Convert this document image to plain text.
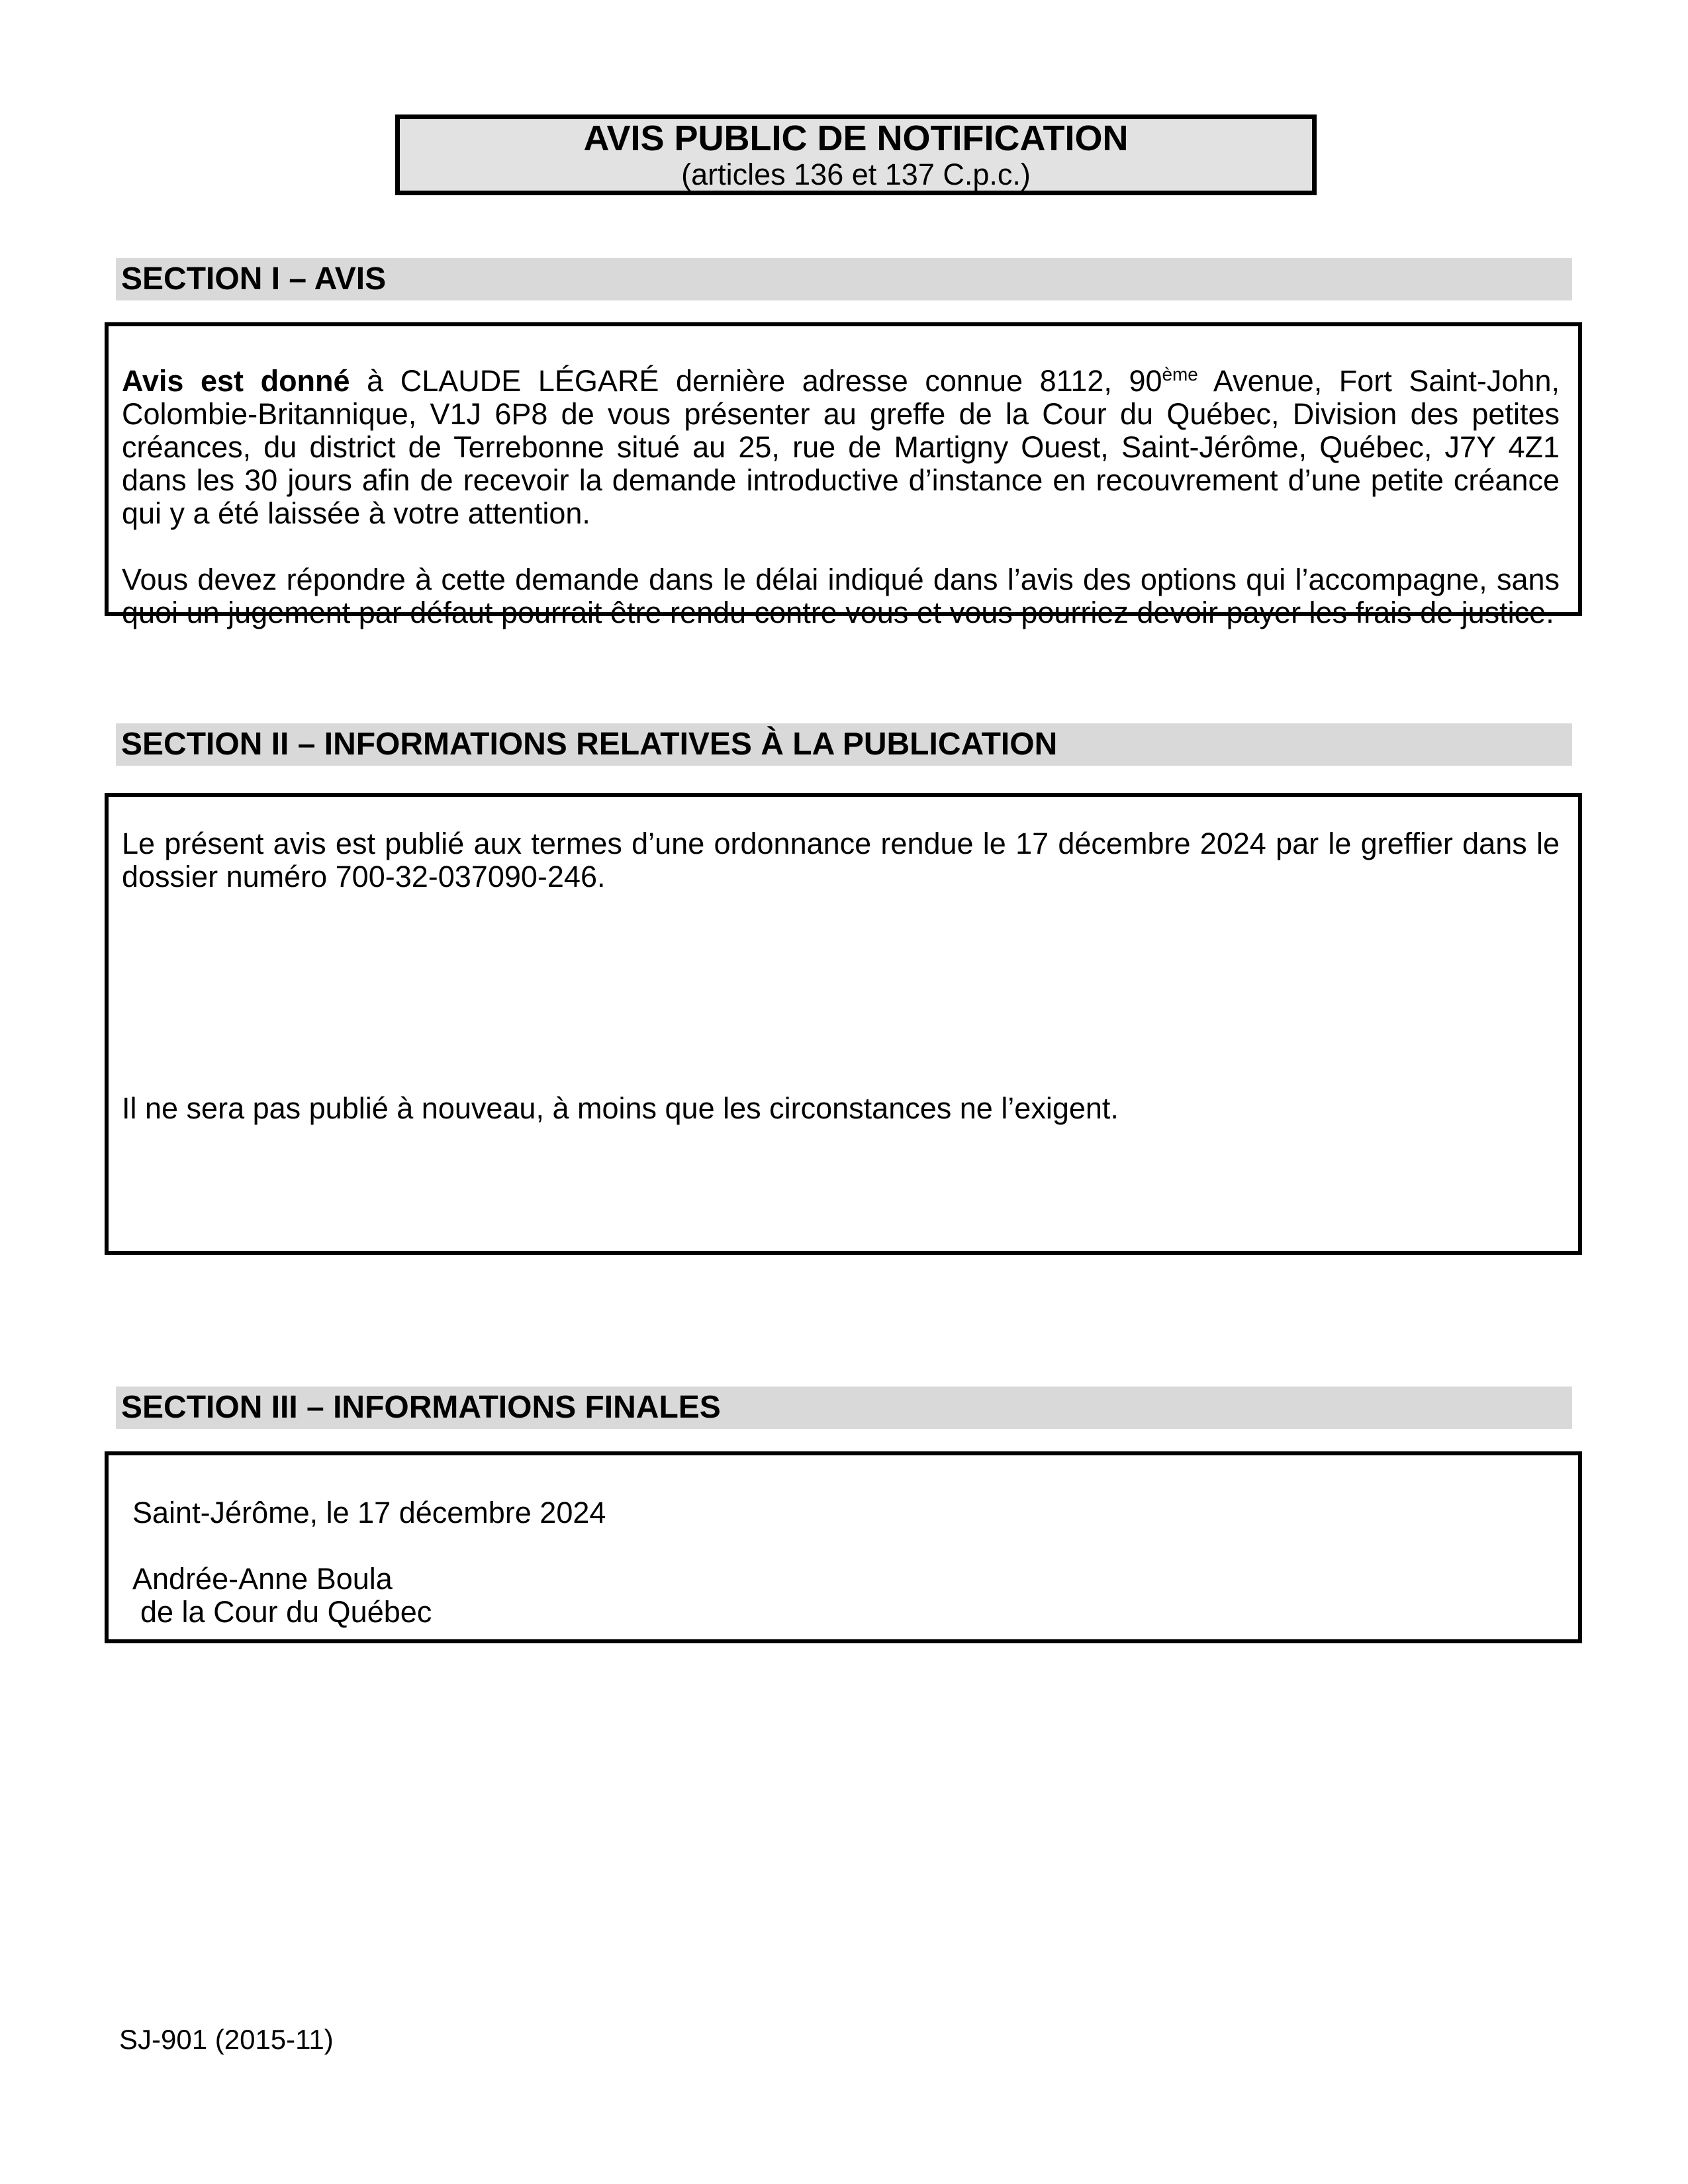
AVIS PUBLIC DE NOTIFICATION
(articles 136 et 137 C.p.c.)
SECTION I – AVIS

Avis est donné à CLAUDE LÉGARÉ dernière adresse connue 8112, 90ème Avenue, Fort Saint-John, Colombie-Britannique, V1J 6P8 de vous présenter au greffe de la Cour du Québec, Division des petites créances, du district de Terrebonne situé au 25, rue de Martigny Ouest, Saint-Jérôme, Québec, J7Y 4Z1 dans les 30 jours afin de recevoir la demande introductive d’instance en recouvrement d’une petite créance qui y a été laissée à votre attention.

Vous devez répondre à cette demande dans le délai indiqué dans l’avis des options qui l’accompagne, sans quoi un jugement par défaut pourrait être rendu contre vous et vous pourriez devoir payer les frais de justice.

SECTION II – INFORMATIONS RELATIVES À LA PUBLICATION

Le présent avis est publié aux termes d’une ordonnance rendue le 17 décembre 2024 par le greffier dans le dossier numéro 700-32-037090-246.

Il ne sera pas publié à nouveau, à moins que les circonstances ne l’exigent.

SECTION III – INFORMATIONS FINALES

Saint-Jérôme, le 17 décembre 2024

Andrée-Anne Boula

de la Cour du Québec

SJ-901 (2015-11)
